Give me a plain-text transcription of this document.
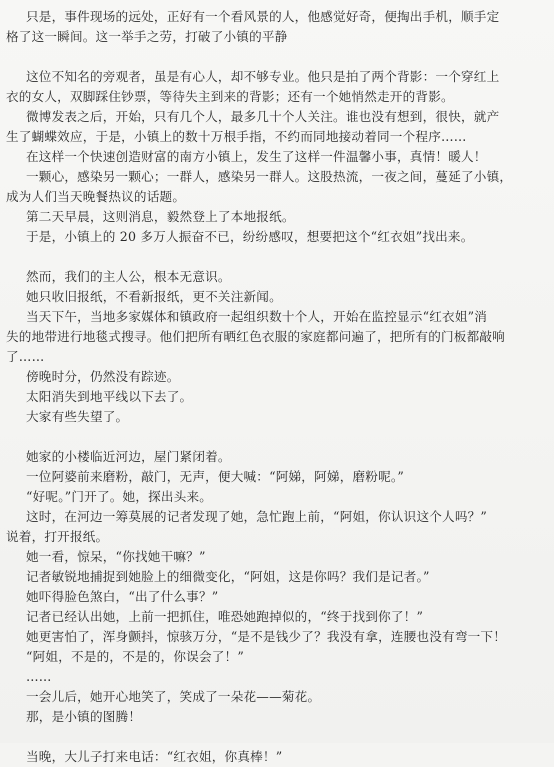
只是，事件现场的远处，正好有一个看风景的人，他感觉好奇，便掏出手机，顺手定

格了这一瞬间。这一举手之劳，打破了小镇的平静

这位不知名的旁观者，虽是有心人，却不够专业。他只是拍了两个背影：一个穿红上

衣的女人，双脚踩住钞票，等待失主到来的背影；还有一个她悄然走开的背影。

微博发表之后，开始，只有几个人，最多几十个人关注。谁也没有想到，很快，就产

生了蝴蝶效应，于是，小镇上的数十万根手指，不约而同地接动着同一个程序……

在这样一个快速创造财富的南方小镇上，发生了这样一件温馨小事，真情！暖人！

一颗心，感染另一颗心；一群人，感染另一群人。这股热流，一夜之间，蔓延了小镇，

成为人们当天晚餐热议的话题。

第二天早晨，这则消息，毅然登上了本地报纸。

于是，小镇上的 20 多万人振奋不已，纷纷感叹，想要把这个“红衣姐”找出来。

然而，我们的主人公，根本无意识。

她只收旧报纸，不看新报纸，更不关注新闻。

当天下午，当地多家媒体和镇政府一起组织数十个人，开始在监控显示“红衣姐”消

失的地带进行地毯式搜寻。他们把所有晒红色衣服的家庭都问遍了，把所有的门板都敲响

了……

傍晚时分，仍然没有踪迹。

太阳消失到地平线以下去了。

大家有些失望了。

她家的小楼临近河边，屋门紧闭着。

一位阿婆前来磨粉，敲门，无声，便大喊：“阿娣，阿娣，磨粉呢。”

“好呢。”门开了。她，探出头来。

这时，在河边一筹莫展的记者发现了她，急忙跑上前，“阿姐，你认识这个人吗？”

说着，打开报纸。

她一看，惊呆，“你找她干嘛？”

记者敏锐地捕捉到她脸上的细微变化，“阿姐，这是你吗？我们是记者。”

她吓得脸色煞白，“出了什么事？”

记者已经认出她，上前一把抓住，唯恐她跑掉似的，“终于找到你了！”

她更害怕了，浑身颤抖，惊骇万分，“是不是钱少了？我没有拿，连腰也没有弯一下！

“阿姐，不是的，不是的，你误会了！”

……

一会儿后，她开心地笑了，笑成了一朵花——菊花。

那，是小镇的图腾！

当晚，大儿子打来电话：“红衣姐，你真棒！”
